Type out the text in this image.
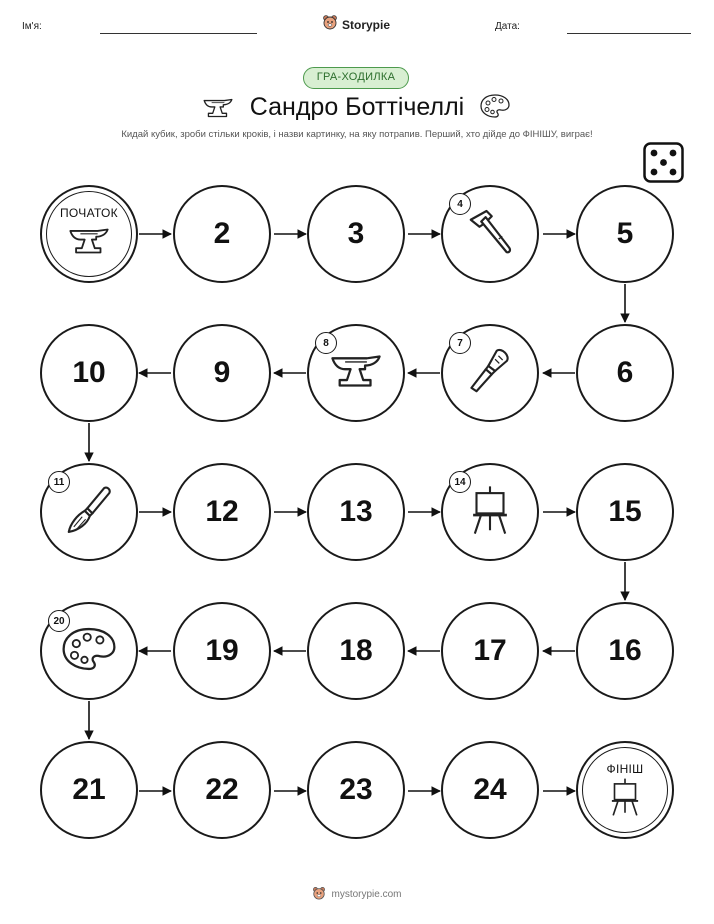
Ім'я:	Storypie	Дата:
ГРА-ХОДИЛКА
Сандро Боттічеллі
Кидай кубик, зроби стільки кроків, і назви картинку, на яку потрапив. Перший, хто дійде до ФІНІШУ, виграє!
ПОЧАТОК
2	3
4
5
6
7
8
9
10
11
12	13
14
15
16
17
18
19
20
21	22	23	24
ФІНІШ
mystorypie.com
